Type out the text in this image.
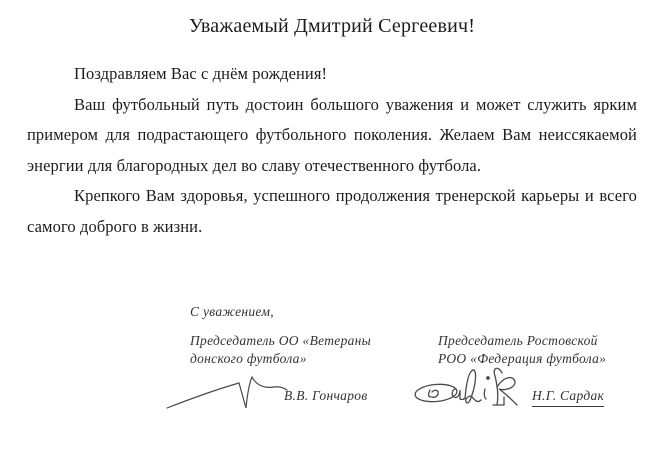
Уважаемый Дмитрий Сергеевич!

Поздравляем Вас с днём рождения!

Ваш футбольный путь достоин большого уважения и может служить ярким примером для подрастающего футбольного поколения. Желаем Вам неиссякаемой энергии для благородных дел во славу отечественного футбола.

Крепкого Вам здоровья, успешного продолжения тренерской карьеры и всего самого доброго в жизни.

С уважением,
Председатель ОО «Ветераны
донского футбола»
Председатель Ростовской
РОО «Федерация футбола»
В.В. Гончаров	Н.Г. Сардак
